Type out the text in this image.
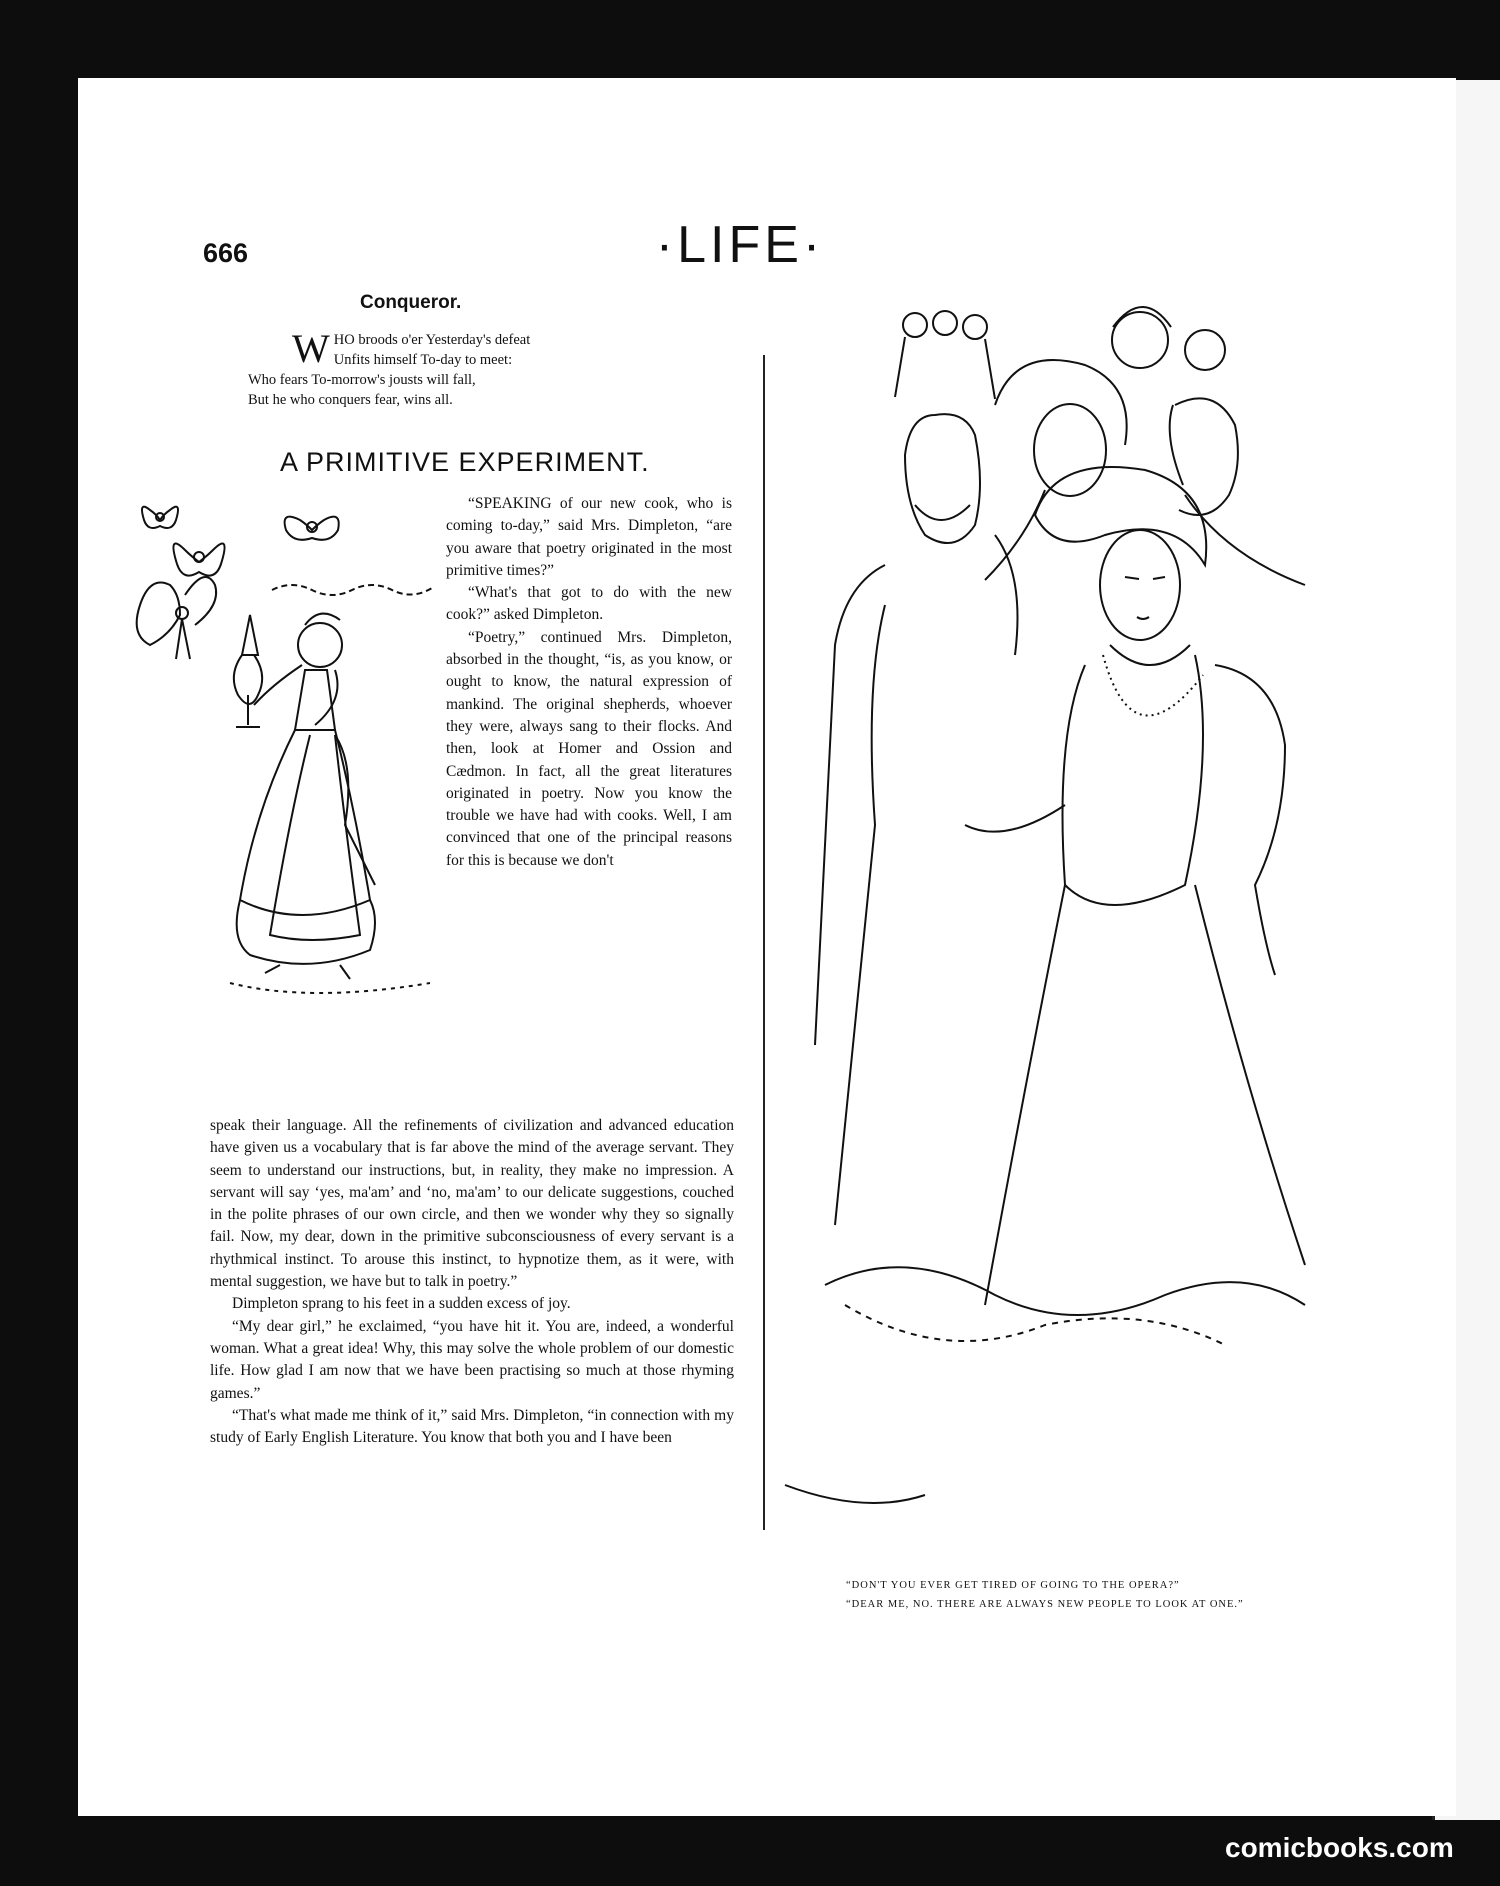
666	·LIFE·
Conqueror.
W HO broods o'er Yesterday's defeat
Unfits himself To-day to meet:
Who fears To-morrow's jousts will fall,
But he who conquers fear, wins all.
A PRIMITIVE EXPERIMENT.

“SPEAKING of our new cook, who is coming to-day,” said Mrs. Dimpleton, “are you aware that poetry originated in the most primitive times?”

“What's that got to do with the new cook?” asked Dimpleton.

“Poetry,” continued Mrs. Dimpleton, absorbed in the thought, “is, as you know, or ought to know, the natural expression of mankind. The original shepherds, whoever they were, always sang to their flocks. And then, look at Homer and Ossion and Cædmon. In fact, all the great literatures originated in poetry. Now you know the trouble we have had with cooks. Well, I am convinced that one of the principal reasons for this is because we don't

speak their language. All the refinements of civilization and advanced education have given us a vocabulary that is far above the mind of the average servant. They seem to understand our instructions, but, in reality, they make no impression. A servant will say ‘yes, ma'am’ and ‘no, ma'am’ to our delicate suggestions, couched in the polite phrases of our own circle, and then we wonder why they so signally fail. Now, my dear, down in the primitive subconsciousness of every servant is a rhythmical instinct. To arouse this instinct, to hypnotize them, as it were, with mental suggestion, we have but to talk in poetry.”

Dimpleton sprang to his feet in a sudden excess of joy.

“My dear girl,” he exclaimed, “you have hit it. You are, indeed, a wonderful woman. What a great idea! Why, this may solve the whole problem of our domestic life. How glad I am now that we have been practising so much at those rhyming games.”

“That's what made me think of it,” said Mrs. Dimpleton, “in connection with my study of Early English Literature. You know that both you and I have been

“DON'T YOU EVER GET TIRED OF GOING TO THE OPERA?”
“DEAR ME, NO. THERE ARE ALWAYS NEW PEOPLE TO LOOK AT ONE.”
comicbooks.com
